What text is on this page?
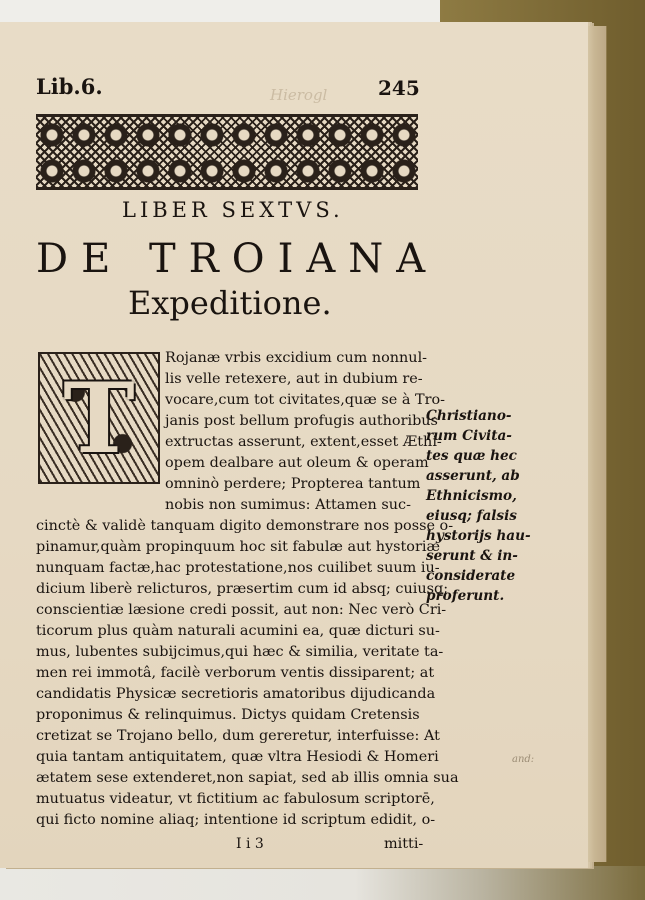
Lib.6.	Hierogl	245
LIBER SEXTVS.
DE TROIANA
Expeditione.
T
Rojanæ vrbis excidium cum nonnul-
lis velle retexere, aut in dubium re-
vocare,cum tot civitates,quæ se à Tro-
janis post bellum profugis authoribus
extructas asserunt, extent,esset Æthi-
opem dealbare aut oleum & operam
omninò perdere; Propterea tantum
nobis non sumimus: Attamen suc-
cinctè & validè tanquam digito demonstrare nos posse o-
pinamur,quàm propinquum hoc sit fabulæ aut hystoriæ
nunquam factæ,hac protestatione,nos cuilibet suum iu-
dicium liberè relicturos, præsertim cum id absq; cuiusq;
conscientiæ læsione credi possit, aut non: Nec verò Cri-
ticorum plus quàm naturali acumini ea, quæ dicturi su-
mus, lubentes subijcimus,qui hæc & similia, veritate ta-
men rei immotâ, facilè verborum ventis dissiparent; at
candidatis Physicæ secretioris amatoribus dijudicanda
proponimus & relinquimus. Dictys quidam Cretensis
cretizat se Trojano bello, dum gereretur, interfuisse: At
quia tantam antiquitatem, quæ vltra Hesiodi & Homeri
ætatem sese extenderet,non sapiat, sed ab illis omnia sua
mutuatus videatur, vt fictitium ac fabulosum scriptorē,
qui ficto nomine aliaq; intentione id scriptum edidit, o-
Christiano-
rum Civita-
tes quæ hec
asserunt, ab
Ethnicismo,
eiusq; falsis
hystorijs hau-
serunt & in-
considerate
proferunt.
and:
I i 3	mitti-
